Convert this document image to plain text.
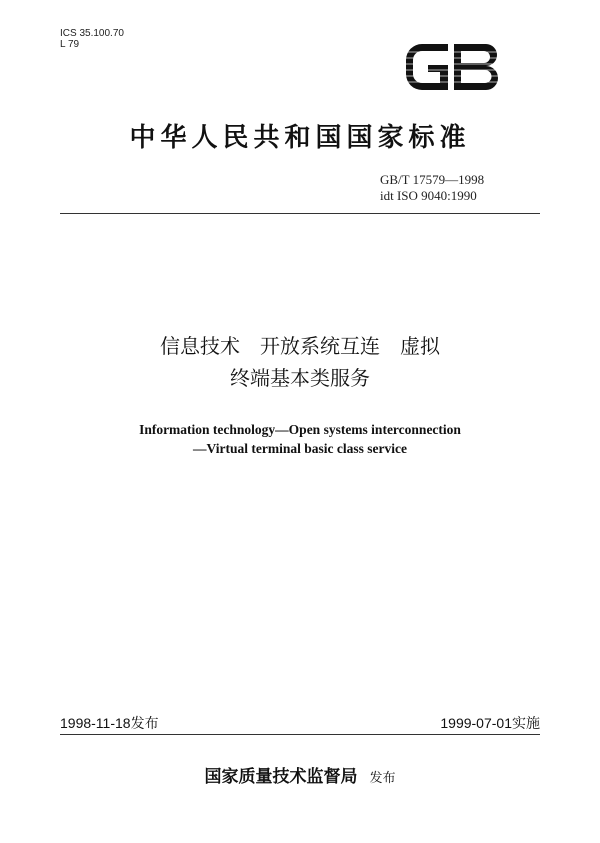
ICS 35.100.70
L 79
中华人民共和国国家标准
GB/T 17579—1998
idt ISO 9040:1990
信息技术 开放系统互连 虚拟
终端基本类服务
Information technology—Open systems interconnection
—Virtual terminal basic class service
1998-11-18发布	1999-07-01实施
国家质量技术监督局 发布
